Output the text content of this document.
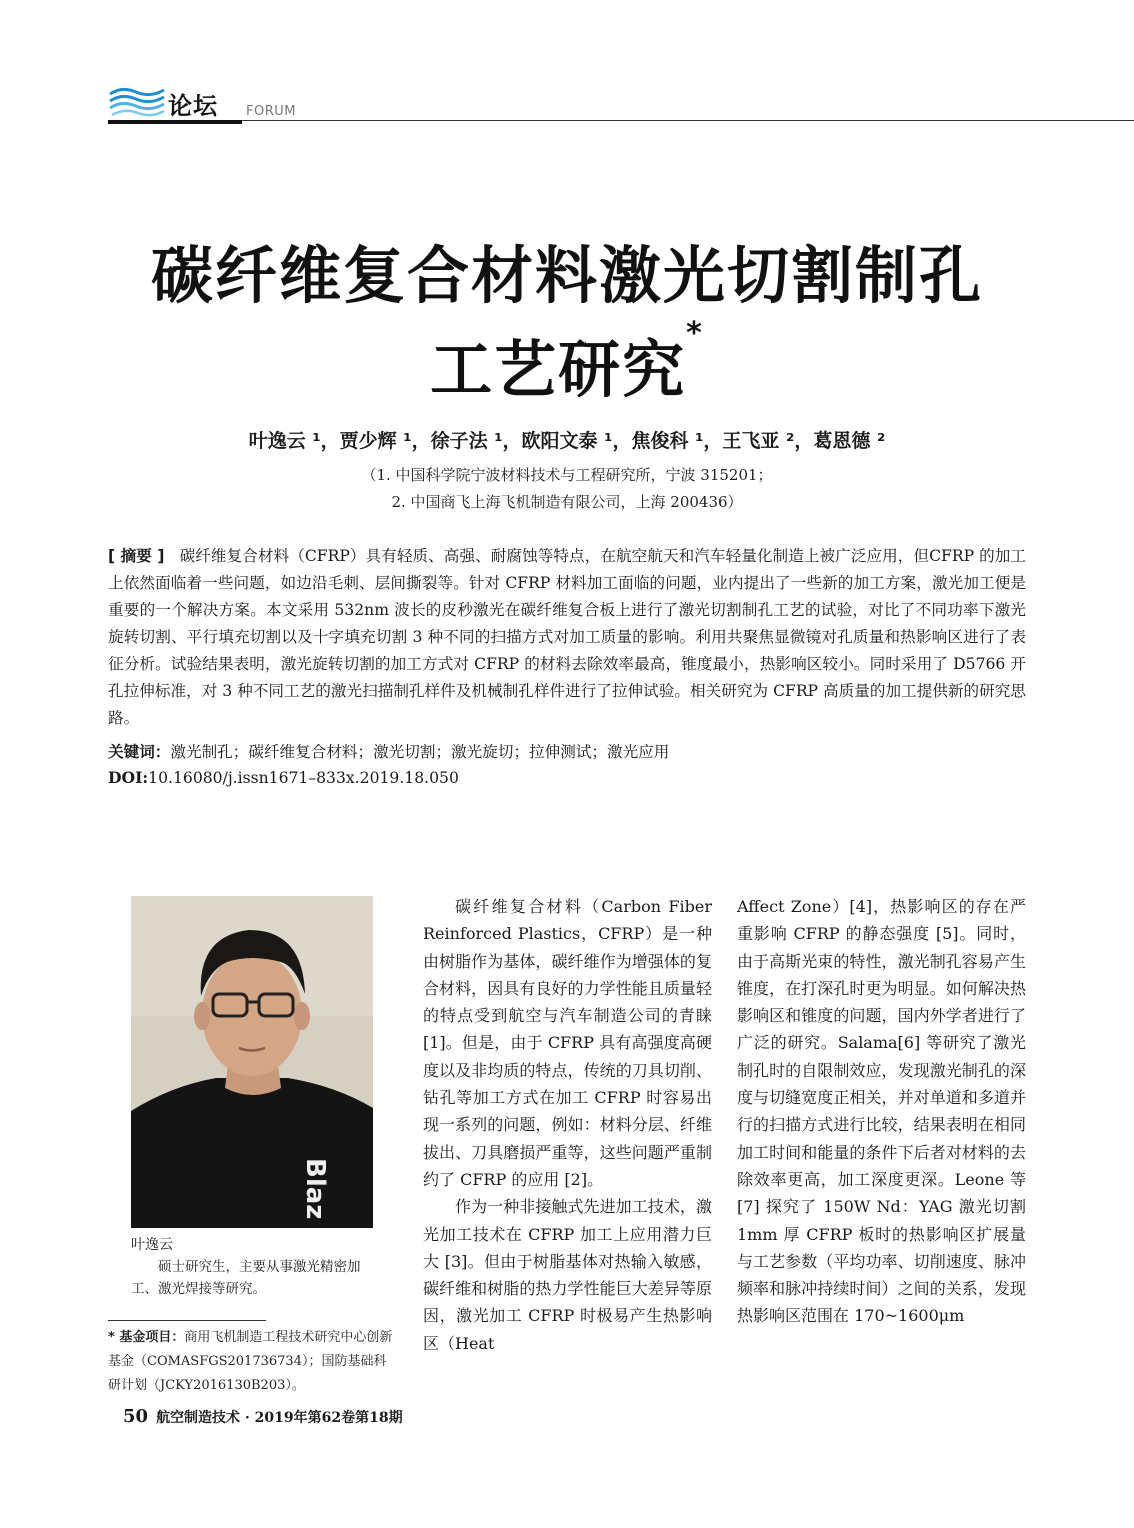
论坛 FORUM
碳纤维复合材料激光切割制孔
工艺研究*
叶逸云 ¹，贾少辉 ¹，徐子法 ¹，欧阳文泰 ¹，焦俊科 ¹，王飞亚 ²，葛恩德 ²
（1. 中国科学院宁波材料技术与工程研究所，宁波 315201；
2. 中国商飞上海飞机制造有限公司，上海 200436）
[ 摘要 ] 碳纤维复合材料（CFRP）具有轻质、高强、耐腐蚀等特点，在航空航天和汽车轻量化制造上被广泛应用，但CFRP 的加工上依然面临着一些问题，如边沿毛刺、层间撕裂等。针对 CFRP 材料加工面临的问题，业内提出了一些新的加工方案，激光加工便是重要的一个解决方案。本文采用 532nm 波长的皮秒激光在碳纤维复合板上进行了激光切割制孔工艺的试验，对比了不同功率下激光旋转切割、平行填充切割以及十字填充切割 3 种不同的扫描方式对加工质量的影响。利用共聚焦显微镜对孔质量和热影响区进行了表征分析。试验结果表明，激光旋转切割的加工方式对 CFRP 的材料去除效率最高，锥度最小，热影响区较小。同时采用了 D5766 开孔拉伸标准，对 3 种不同工艺的激光扫描制孔样件及机械制孔样件进行了拉伸试验。相关研究为 CFRP 高质量的加工提供新的研究思路。
关键词：激光制孔；碳纤维复合材料；激光切割；激光旋切；拉伸测试；激光应用
DOI:10.16080/j.issn1671–833x.2019.18.050
Blaz
叶逸云
硕士研究生，主要从事激光精密加工、激光焊接等研究。
* 基金项目：商用飞机制造工程技术研究中心创新基金（COMASFGS201736734）；国防基础科研计划（JCKY2016130B203）。

碳纤维复合材料（Carbon Fiber Reinforced Plastics，CFRP）是一种由树脂作为基体，碳纤维作为增强体的复合材料，因具有良好的力学性能且质量轻的特点受到航空与汽车制造公司的青睐 [1]。但是，由于 CFRP 具有高强度高硬度以及非均质的特点，传统的刀具切削、钻孔等加工方式在加工 CFRP 时容易出现一系列的问题，例如：材料分层、纤维拔出、刀具磨损严重等，这些问题严重制约了 CFRP 的应用 [2]。

作为一种非接触式先进加工技术，激光加工技术在 CFRP 加工上应用潜力巨大 [3]。但由于树脂基体对热输入敏感，碳纤维和树脂的热力学性能巨大差异等原因，激光加工 CFRP 时极易产生热影响区（Heat

Affect Zone）[4]，热影响区的存在严重影响 CFRP 的静态强度 [5]。同时，由于高斯光束的特性，激光制孔容易产生锥度，在打深孔时更为明显。如何解决热影响区和锥度的问题，国内外学者进行了广泛的研究。Salama[6] 等研究了激光制孔时的自限制效应，发现激光制孔的深度与切缝宽度正相关，并对单道和多道并行的扫描方式进行比较，结果表明在相同加工时间和能量的条件下后者对材料的去除效率更高，加工深度更深。Leone 等 [7] 探究了 150W Nd：YAG 激光切割 1mm 厚 CFRP 板时的热影响区扩展量与工艺参数（平均功率、切削速度、脉冲频率和脉冲持续时间）之间的关系，发现热影响区范围在 170~1600μm

50 航空制造技术 · 2019年第62卷第18期
